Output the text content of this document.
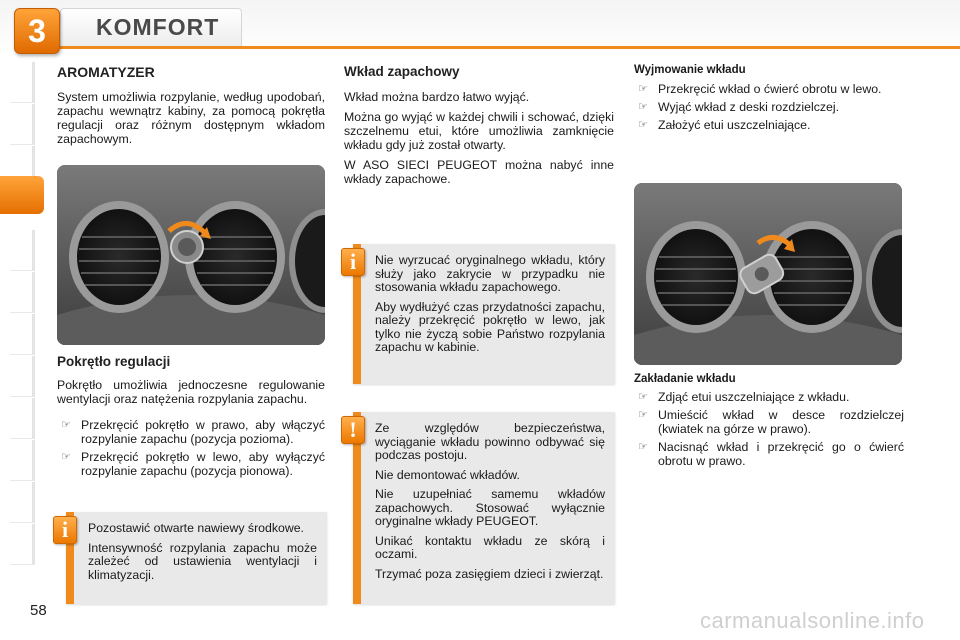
3	KOMFORT
AROMATYZER

System umożliwia rozpylanie, według upodobań, zapachu wewnątrz kabiny, za pomocą pokrętła regulacji oraz różnym dostępnym wkładom zapachowym.

Pokrętło regulacji

Pokrętło umożliwia jednoczesne regulowanie wentylacji oraz natężenia rozpylania zapachu.

☞ Przekręcić pokrętło w prawo, aby włączyć rozpylanie zapachu (pozycja pozioma).
☞ Przekręcić pokrętło w lewo, aby wyłączyć rozpylanie zapachu (pozycja pionowa).

Pozostawić otwarte nawiewy środkowe.

Intensywność rozpylania zapachu może zależeć od ustawienia wentylacji i klimatyzacji.

i
Wkład zapachowy

Wkład można bardzo łatwo wyjąć.

Można go wyjąć w każdej chwili i schować, dzięki szczelnemu etui, które umożliwia zamknięcie wkładu gdy już został otwarty.

W ASO SIECI PEUGEOT można nabyć inne wkłady zapachowe.

Nie wyrzucać oryginalnego wkładu, który służy jako zakrycie w przypadku nie stosowania wkładu zapachowego.

Aby wydłużyć czas przydatności zapachu, należy przekręcić pokrętło w lewo, jak tylko nie życzą sobie Państwo rozpylania zapachu w kabinie.

i

Ze względów bezpieczeństwa, wyciąganie wkładu powinno odbywać się podczas postoju.

Nie demontować wkładów.

Nie uzupełniać samemu wkładów zapachowych. Stosować wyłącznie oryginalne wkłady PEUGEOT.

Unikać kontaktu wkładu ze skórą i oczami.

Trzymać poza zasięgiem dzieci i zwierząt.

!
Wyjmowanie wkładu
☞ Przekręcić wkład o ćwierć obrotu w lewo.
☞ Wyjąć wkład z deski rozdzielczej.
☞ Założyć etui uszczelniające.
Zakładanie wkładu
☞ Zdjąć etui uszczelniające z wkładu.
☞ Umieścić wkład w desce rozdzielczej (kwiatek na górze w prawo).
☞ Nacisnąć wkład i przekręcić go o ćwierć obrotu w prawo.
58	carmanualsonline.info
